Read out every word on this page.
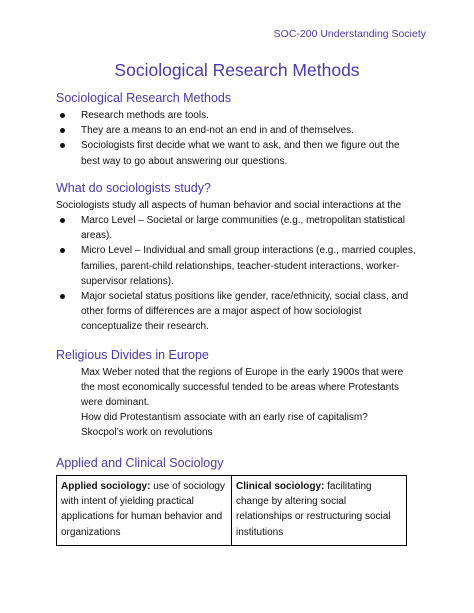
SOC-200 Understanding Society
Sociological Research Methods
Sociological Research Methods
Research methods are tools.
They are a means to an end-not an end in and of themselves.
Sociologists first decide what we want to ask, and then we figure out the best way to go about answering our questions.
What do sociologists study?
Sociologists study all aspects of human behavior and social interactions at the
Marco Level – Societal or large communities (e.g., metropolitan statistical areas).
Micro Level – Individual and small group interactions (e.g., married couples, families, parent-child relationships, teacher-student interactions, worker-supervisor relations).
Major societal status positions like gender, race/ethnicity, social class, and other forms of differences are a major aspect of how sociologist conceptualize their research.
Religious Divides in Europe
Max Weber noted that the regions of Europe in the early 1900s that were the most economically successful tended to be areas where Protestants were dominant.
How did Protestantism associate with an early rise of capitalism?
Skocpol’s work on revolutions
Applied and Clinical Sociology
Applied sociology: use of sociology with intent of yielding practical applications for human behavior and organizations	Clinical sociology: facilitating change by altering social relationships or restructuring social institutions
